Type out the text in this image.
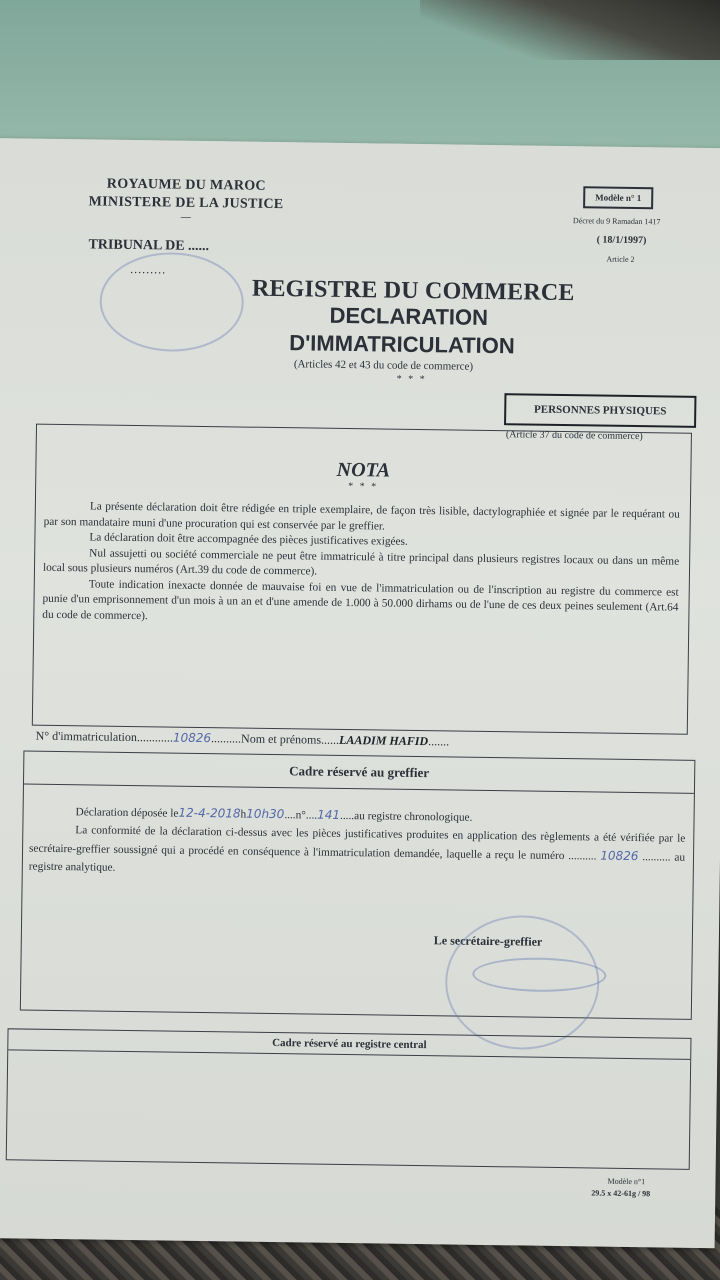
ROYAUME DU MAROC
MINISTERE DE LA JUSTICE
—
TRIBUNAL DE ......
.........
Modèle n° 1
Décret du 9 Ramadan 1417
( 18/1/1997)
Article 2
REGISTRE DU COMMERCE
DECLARATION
D'IMMATRICULATION
(Articles 42 et 43 du code de commerce)
* * *
PERSONNES PHYSIQUES
(Article 37 du code de commerce)
NOTA
* * *

La présente déclaration doit être rédigée en triple exemplaire, de façon très lisible, dactylographiée et signée par le requérant ou par son mandataire muni d'une procuration qui est conservée par le greffier.

La déclaration doit être accompagnée des pièces justificatives exigées.

Nul assujetti ou société commerciale ne peut être immatriculé à titre principal dans plusieurs registres locaux ou dans un même local sous plusieurs numéros (Art.39 du code de commerce).

Toute indication inexacte donnée de mauvaise foi en vue de l'immatriculation ou de l'inscription au registre du commerce est punie d'un emprisonnement d'un mois à un an et d'une amende de 1.000 à 50.000 dirhams ou de l'une de ces deux peines seulement (Art.64 du code de commerce).

N° d'immatriculation............10826..........Nom et prénoms......LAADIM HAFID.......
Cadre réservé au greffier

Déclaration déposée le12-4-2018h10h30....n°....141.....au registre chronologique.

La conformité de la déclaration ci-dessus avec les pièces justificatives produites en application des règlements a été vérifiée par le secrétaire-greffier soussigné qui a procédé en conséquence à l'immatriculation demandée, laquelle a reçu le numéro .......... 10826 .......... au registre analytique.

Le secrétaire-greffier
Cadre réservé au registre central
Modèle n°1
29.5 x 42-61g / 98
